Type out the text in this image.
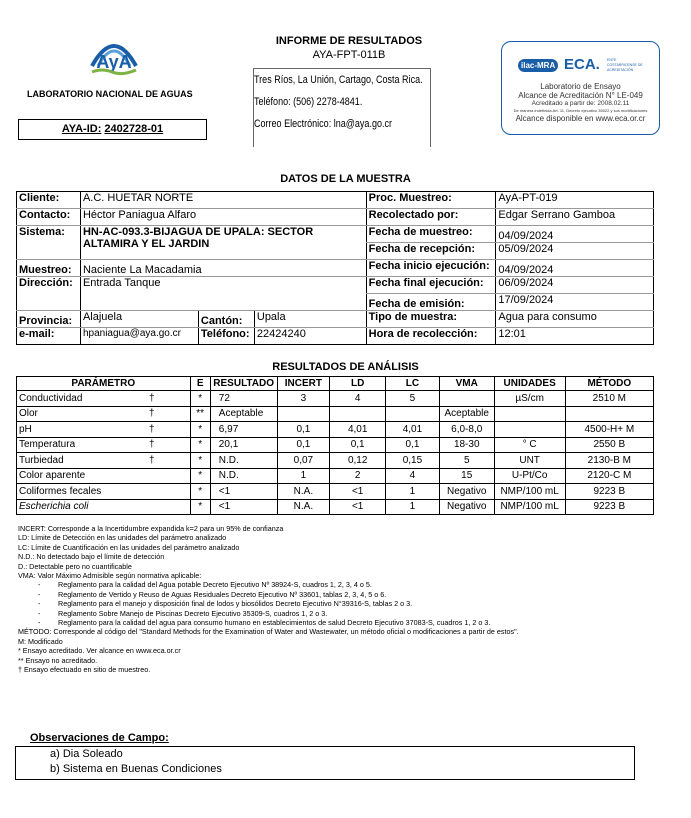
AyA
LABORATORIO NACIONAL DE AGUAS
AYA-ID: 2402728-01
INFORME DE RESULTADOS
AYA-FPT-011B
Tres Ríos, La Unión, Cartago, Costa Rica.
Teléfono: (506) 2278-4841.
Correo Electrónico: lna@aya.go.cr
ilac-MRA ECA. ENTE COSTARRICENSE DE ACREDITACIÓN
Laboratorio de Ensayo
Alcance de Acreditación N° LE-049
Acreditado a partir de: 2008.02.11
De manera indefinida Art. 11, Decreto ejecutivo 35022 y sus modificaciones
Alcance disponible en www.eca.or.cr
DATOS DE LA MUESTRA
Cliente:	A.C. HUETAR NORTE			Proc. Muestreo:	AyA-PT-019
Contacto:	Héctor Paniagua Alfaro			Recolectado por:	Edgar Serrano Gamboa
Sistema:	HN-AC-093.3-BIJAGUA DE UPALA: SECTOR ALTAMIRA Y EL JARDIN			Fecha de muestreo:	04/09/2024
				Fecha de recepción:	05/09/2024
Muestreo:	Naciente La Macadamia			Fecha inicio ejecución:	04/09/2024
Dirección:	Entrada Tanque			Fecha final ejecución:	06/09/2024
				Fecha de emisión:	17/09/2024
Provincia:	Alajuela	Cantón:	Upala	Tipo de muestra:	Agua para consumo
e-mail:	hpaniagua@aya.go.cr	Teléfono:	22424240	Hora de recolección:	12:01
RESULTADOS DE ANÁLISIS
PARÁMETRO	E	RESULTADO	INCERT	LD	LC	VMA	UNIDADES	MÉTODO
Conductividad †	*	72	3	4	5		µS/cm	2510 M
Olor †	**	Aceptable				Aceptable		
pH †	*	6,97	0,1	4,01	4,01	6,0-8,0		4500-H+ M
Temperatura †	*	20,1	0,1	0,1	0,1	18-30	° C	2550 B
Turbiedad †	*	N.D.	0,07	0,12	0,15	5	UNT	2130-B M
Color aparente	*	N.D.	1	2	4	15	U-Pt/Co	2120-C M
Coliformes fecales	*	<1	N.A.	<1	1	Negativo	NMP/100 mL	9223 B
Escherichia coli	*	<1	N.A.	<1	1	Negativo	NMP/100 mL	9223 B
INCERT: Corresponde a la Incertidumbre expandida k=2 para un 95% de confianza
LD: Límite de Detección en las unidades del parámetro analizado
LC: Límite de Cuantificación en las unidades del parámetro analizado
N.D.: No detectado bajo el límite de detección
D.: Detectable pero no cuantificable
VMA: Valor Máximo Admisible según normativa aplicable:
- Reglamento para la calidad del Agua potable Decreto Ejecutivo Nº 38924-S, cuadros 1, 2, 3, 4 o 5.
- Reglamento de Vertido y Reuso de Aguas Residuales Decreto Ejecutivo Nº 33601, tablas 2, 3, 4, 5 o 6.
- Reglamento para el manejo y disposición final de lodos y biosólidos Decreto Ejecutivo N°39316-S, tablas 2 o 3.
- Reglamento Sobre Manejo de Piscinas Decreto Ejecutivo 35309-S, cuadros 1, 2 o 3.
- Reglamento para la calidad del agua para consumo humano en establecimientos de salud Decreto Ejecutivo 37083-S, cuadros 1, 2 o 3.
MÉTODO: Corresponde al código del "Standard Methods for the Examination of Water and Wastewater, un método oficial o modificaciones a partir de estos".
M: Modificado
* Ensayo acreditado. Ver alcance en www.eca.or.cr
** Ensayo no acreditado.
† Ensayo efectuado en sitio de muestreo.
Observaciones de Campo:
a) Dia Soleado
b) Sistema en Buenas Condiciones
